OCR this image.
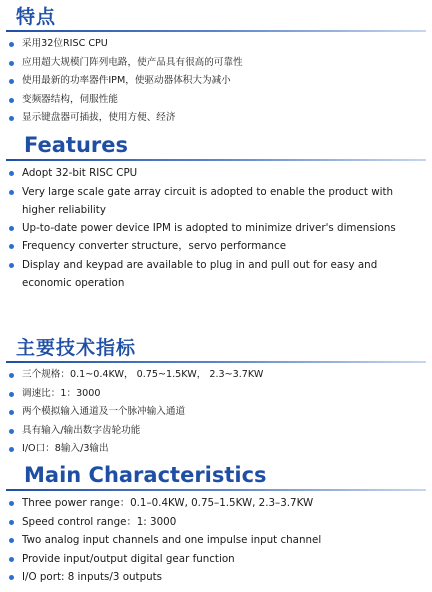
特点
采用32位RISC CPU
应用超大规模门阵列电路，使产品具有很高的可靠性
使用最新的功率器件IPM，使驱动器体积大为减小
变频器结构，伺服性能
显示键盘器可插拔，使用方便、经济
Features
Adopt 32-bit RISC CPU
Very large scale gate array circuit is adopted to enable the product with higher reliability
Up-to-date power device IPM is adopted to minimize driver's dimensions
Frequency converter structure，servo performance
Display and keypad are available to plug in and pull out for easy and economic operation
主要技术指标
三个规格：0.1~0.4KW， 0.75~1.5KW， 2.3~3.7KW
调速比：1：3000
两个模拟输入通道及一个脉冲输入通道
具有输入/输出数字齿轮功能
I/O口：8输入/3输出
Main Characteristics
Three power range：0.1–0.4KW, 0.75–1.5KW, 2.3–3.7KW
Speed control range：1: 3000
Two analog input channels and one impulse input channel
Provide input/output digital gear function
I/O port: 8 inputs/3 outputs
